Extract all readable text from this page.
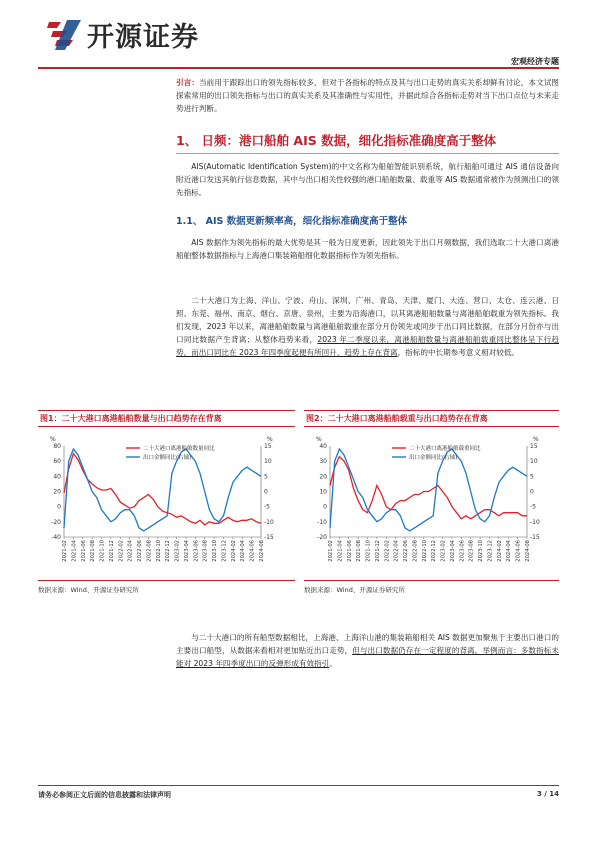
开源证券
宏观经济专题
引言：当前用于跟踪出口的领先指标较多，但对于各指标的特点及其与出口走势的真实关系却鲜有讨论，本文试图探索常用的出口领先指标与出口的真实关系及其准确性与实用性，并据此综合各指标走势对当下出口点位与未来走势进行判断。
1、 日频：港口船舶 AIS 数据，细化指标准确度高于整体
AIS(Automatic Identification System)的中文名称为船舶智能识别系统，航行船舶可通过 AIS 通信设备向附近港口发送其航行信息数据，其中与出口相关性较强的港口船舶数量、载重等 AIS 数据通常被作为预测出口的领先指标。
1.1、 AIS 数据更新频率高，细化指标准确度高于整体
AIS 数据作为领先指标的最大优势是其一般为日度更新，因此领先于出口月频数据，我们选取二十大港口离港船舶整体数据指标与上海港口集装箱船细化数据指标作为领先指标。
二十大港口为上海、洋山、宁波、舟山、深圳、广州、青岛、天津、厦门、大连、营口、太仓、连云港、日照、东莞、福州、南京、烟台、京唐、泉州，主要为沿海港口，以其离港船舶数量与离港船舶载重为领先指标。我们发现，2023 年以来，离港船舶数量与离港船舶载重在部分月份领先或同步于出口同比数据，在部分月份亦与出口同比数据产生背离；从整体趋势来看，2023 年二季度以来，离港船舶数量与离港船舶载重同比整体呈下行趋势，而出口同比在 2023 年四季度起便有所回升，趋势上存在背离，指标的中长期参考意义相对较低。
图1：二十大港口离港船舶数量与出口趋势存在背离	图2：二十大港口离港船舶载重与出口趋势存在背离
%	%
80
60
40
20
0
-20
-40
15
10
5
0
-5
-10
-15
2021-02 2021-04 2021-06 2021-08 2021-10 2021-12 2022-02 2022-04 2022-06 2022-08 2022-10 2022-12 2023-02 2023-04 2023-06 2023-08 2023-10 2023-12 2024-02 2024-04 2024-06 2024-08
二十大港口离港船舶数量同比
出口金额同比(右轴)
%	%
40
30
20
10
0
-10
-20
15
10
5
0
-5
-10
-15
2021-02 2021-04 2021-06 2021-08 2021-10 2021-12 2022-02 2022-04 2022-06 2022-08 2022-10 2022-12 2023-02 2023-04 2023-06 2023-08 2023-10 2023-12 2024-02 2024-04 2024-06 2024-08
二十大港口离港船舶载重同比
出口金额同比(右轴)
数据来源：Wind、开源证券研究所	数据来源：Wind、开源证券研究所
与二十大港口的所有船型数据相比，上海港、上海洋山港的集装箱船相关 AIS 数据更加聚焦于主要出口港口的主要出口船型，从数据来看相对更加贴近出口走势，但与出口数据仍存在一定程度的背离。举例而言：多数指标未能对 2023 年四季度出口的反弹形成有效指引。
请务必参阅正文后面的信息披露和法律声明	3 / 14
